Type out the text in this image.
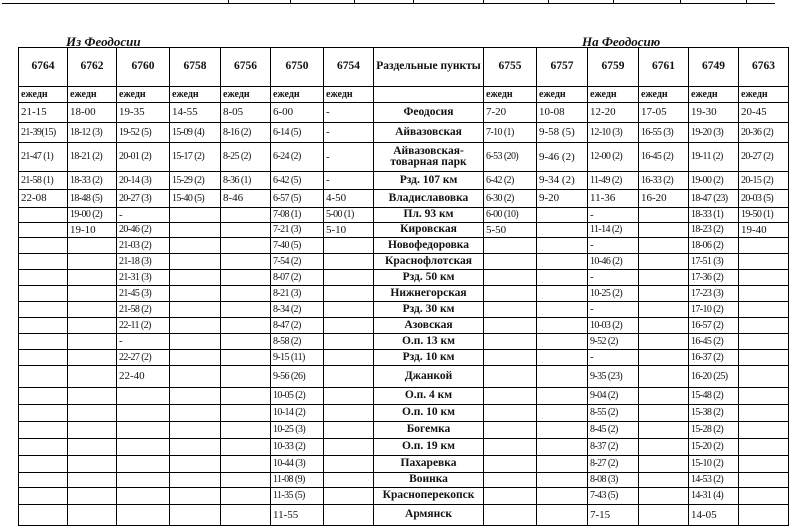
Из Феодосии	На Феодосию
6764	6762	6760	6758	6756	6750	6754	Раздельные пункты	6755	6757	6759	6761	6749	6763
ежедн	ежедн	ежедн	ежедн	ежедн	ежедн	ежедн		ежедн	ежедн	ежедн	ежедн	ежедн	ежедн
21-15	18-00	19-35	14-55	8-05	6-00	-	Феодосия	7-20	10-08	12-20	17-05	19-30	20-45
21-39(15)	18-12 (3)	19-52 (5)	15-09 (4)	8-16 (2)	6-14 (5)	-	Айвазовская	7-10 (1)	9-58 (5)	12-10 (3)	16-55 (3)	19-20 (3)	20-36 (2)
21-47 (1)	18-21 (2)	20-01 (2)	15-17 (2)	8-25 (2)	6-24 (2)	-	Айвазовская-товарная парк	6-53 (20)	9-46 (2)	12-00 (2)	16-45 (2)	19-11 (2)	20-27 (2)
21-58 (1)	18-33 (2)	20-14 (3)	15-29 (2)	8-36 (1)	6-42 (5)	-	Рзд. 107 км	6-42 (2)	9-34 (2)	11-49 (2)	16-33 (2)	19-00 (2)	20-15 (2)
22-08	18-48 (5)	20-27 (3)	15-40 (5)	8-46	6-57 (5)	4-50	Владиславовка	6-30 (2)	9-20	11-36	16-20	18-47 (23)	20-03 (5)
	19-00 (2)	-			7-08 (1)	5-00 (1)	Пл. 93 км	6-00 (10)		-		18-33 (1)	19-50 (1)
	19-10	20-46 (2)			7-21 (3)	5-10	Кировская	5-50		11-14 (2)		18-23 (2)	19-40
		21-03 (2)			7-40 (5)		Новофедоровка			-		18-06 (2)	
		21-18 (3)			7-54 (2)		Краснофлотская			10-46 (2)		17-51 (3)	
		21-31 (3)			8-07 (2)		Рзд. 50 км			-		17-36 (2)	
		21-45 (3)			8-21 (3)		Нижнегорская			10-25 (2)		17-23 (3)	
		21-58 (2)			8-34 (2)		Рзд. 30 км			-		17-10 (2)	
		22-11 (2)			8-47 (2)		Азовская			10-03 (2)		16-57 (2)	
		-			8-58 (2)		О.п. 13 км			9-52 (2)		16-45 (2)	
		22-27 (2)			9-15 (11)		Рзд. 10 км			-		16-37 (2)	
		22-40			9-56 (26)		Джанкой			9-35 (23)		16-20 (25)	
					10-05 (2)		О.п. 4 км			9-04 (2)		15-48 (2)	
					10-14 (2)		О.п. 10 км			8-55 (2)		15-38 (2)	
					10-25 (3)		Богемка			8-45 (2)		15-28 (2)	
					10-33 (2)		О.п. 19 км			8-37 (2)		15-20 (2)	
					10-44 (3)		Пахаревка			8-27 (2)		15-10 (2)	
					11-08 (9)		Воинка			8-08 (3)		14-53 (2)	
					11-35 (5)		Красноперекопск			7-43 (5)		14-31 (4)	
					11-55		Армянск			7-15		14-05	
